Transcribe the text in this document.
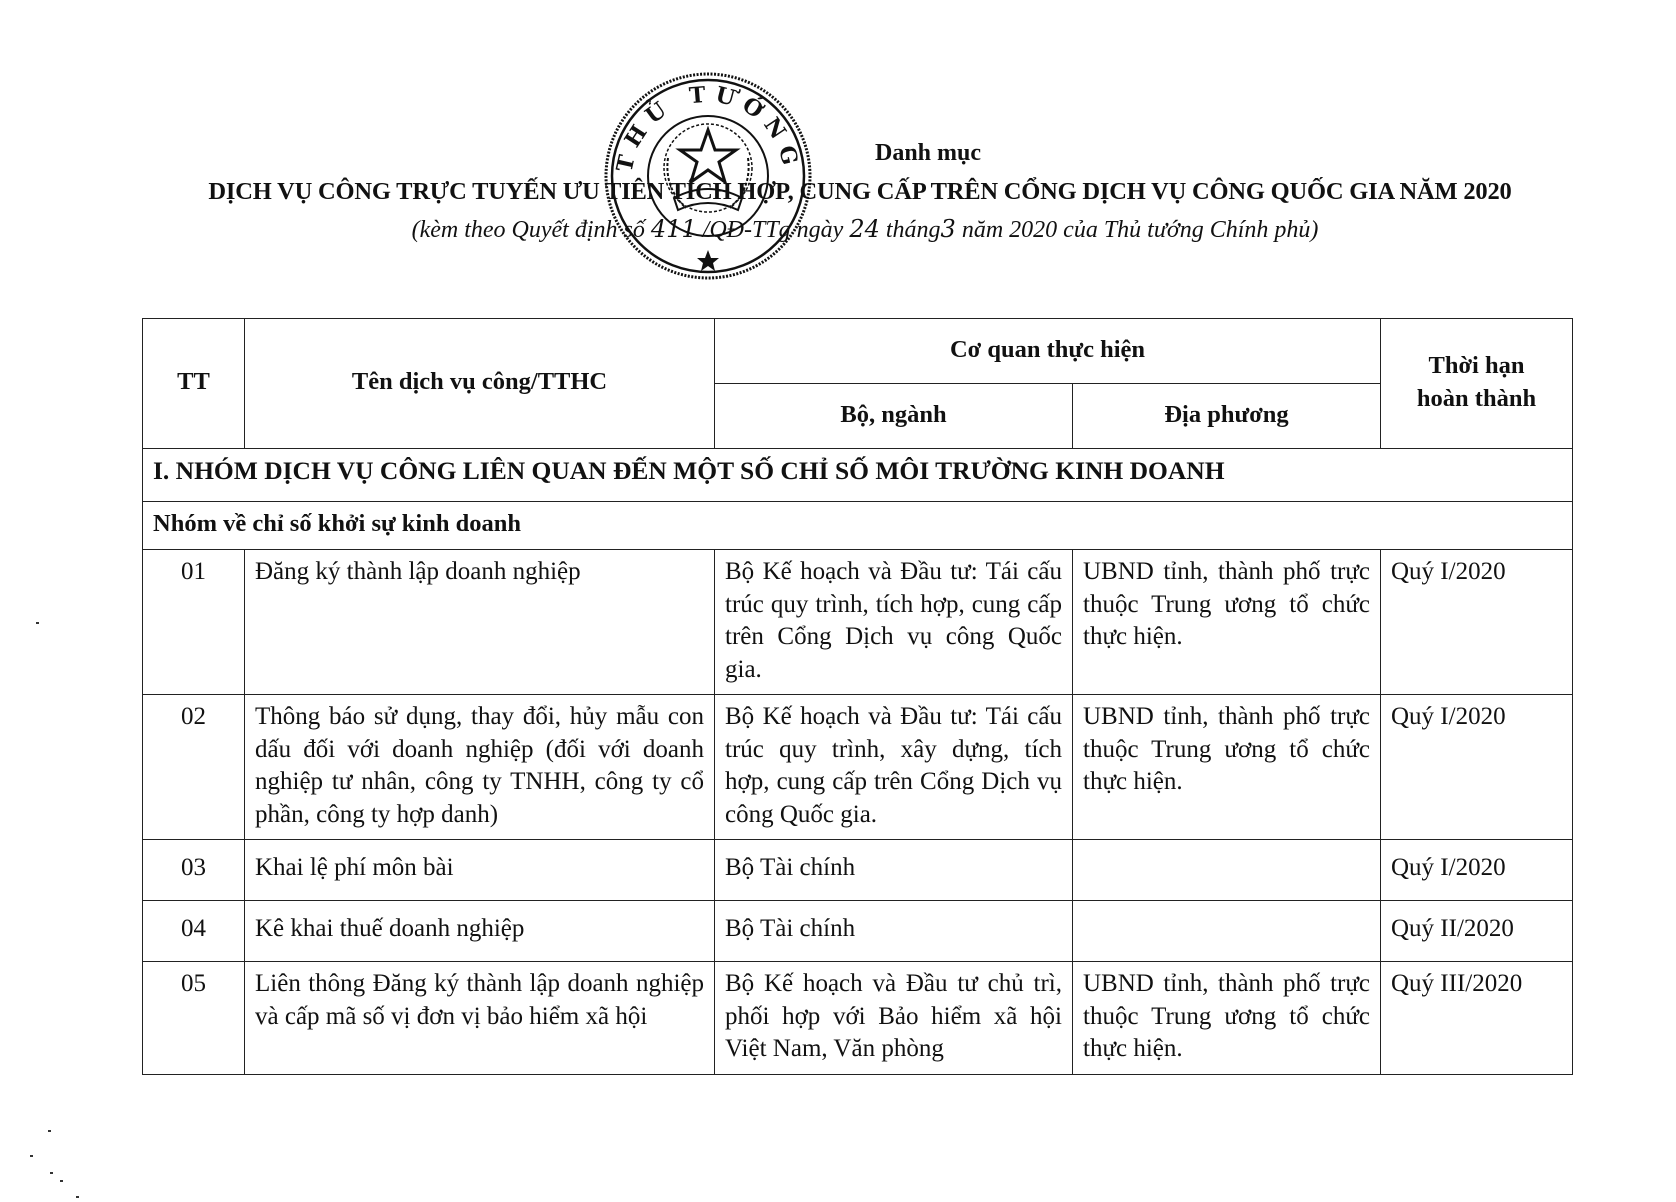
THỦ TƯỚNG	Danh mục
DỊCH VỤ CÔNG TRỰC TUYẾN ƯU TIÊN TÍCH HỢP, CUNG CẤP TRÊN CỔNG DỊCH VỤ CÔNG QUỐC GIA NĂM 2020
(kèm theo Quyết định số 411 /QĐ-TTg ngày 24 tháng3 năm 2020 của Thủ tướng Chính phủ)
TT	Tên dịch vụ công/TTHC	Cơ quan thực hiện		Thời hạn
hoàn thành
		Bộ, ngành	Địa phương	
I. NHÓM DỊCH VỤ CÔNG LIÊN QUAN ĐẾN MỘT SỐ CHỈ SỐ MÔI TRƯỜNG KINH DOANH				
Nhóm về chỉ số khởi sự kinh doanh				
01	Đăng ký thành lập doanh nghiệp	Bộ Kế hoạch và Đầu tư: Tái cấu trúc quy trình, tích hợp, cung cấp trên Cổng Dịch vụ công Quốc gia.	UBND tỉnh, thành phố trực thuộc Trung ương tổ chức thực hiện.	Quý I/2020
02	Thông báo sử dụng, thay đổi, hủy mẫu con dấu đối với doanh nghiệp (đối với doanh nghiệp tư nhân, công ty TNHH, công ty cổ phần, công ty hợp danh)	Bộ Kế hoạch và Đầu tư: Tái cấu trúc quy trình, xây dựng, tích hợp, cung cấp trên Cổng Dịch vụ công Quốc gia.	UBND tỉnh, thành phố trực thuộc Trung ương tổ chức thực hiện.	Quý I/2020
03	Khai lệ phí môn bài	Bộ Tài chính		Quý I/2020
04	Kê khai thuế doanh nghiệp	Bộ Tài chính		Quý II/2020
05	Liên thông Đăng ký thành lập doanh nghiệp và cấp mã số vị đơn vị bảo hiểm xã hội	Bộ Kế hoạch và Đầu tư chủ trì, phối hợp với Bảo hiểm xã hội Việt Nam, Văn phòng	UBND tỉnh, thành phố trực thuộc Trung ương tổ chức thực hiện.	Quý III/2020
